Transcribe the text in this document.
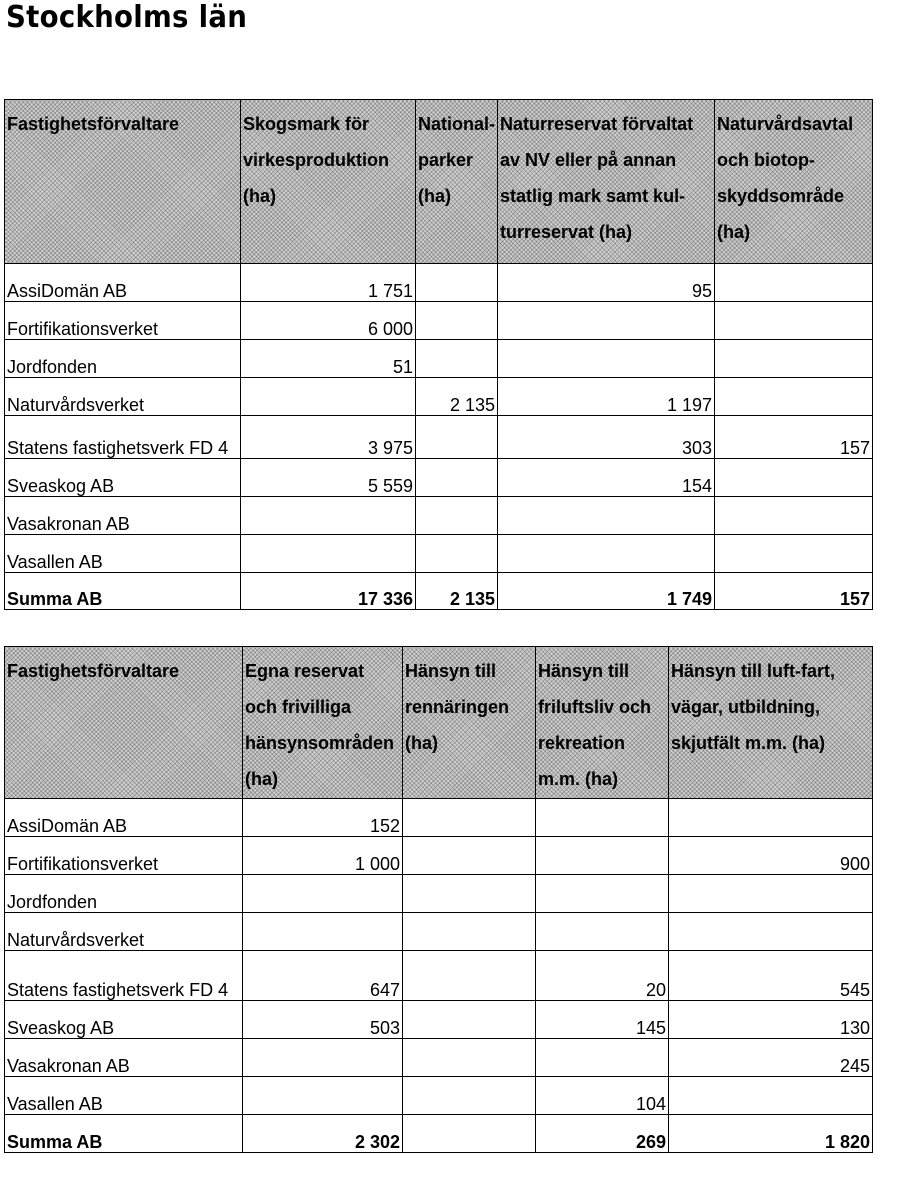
Stockholms län
Fastighetsförvaltare	Skogsmark för virkesproduktion (ha)	National-parker (ha)	Naturreservat förvaltat av NV eller på annan statlig mark samt kul-turreservat (ha)	Naturvårdsavtal och biotop-skyddsområde (ha)
AssiDomän AB	1 751		95	
Fortifikationsverket	6 000			
Jordfonden	51			
Naturvårdsverket		2 135	1 197	
Statens fastighetsverk FD 4	3 975		303	157
Sveaskog AB	5 559		154	
Vasakronan AB				
Vasallen AB				
Summa AB	17 336	2 135	1 749	157
Fastighetsförvaltare	Egna reservat och frivilliga hänsynsområden (ha)	Hänsyn till rennäringen (ha)	Hänsyn till friluftsliv och rekreation m.m. (ha)	Hänsyn till luft-fart, vägar, utbildning, skjutfält m.m. (ha)
AssiDomän AB	152			
Fortifikationsverket	1 000			900
Jordfonden				
Naturvårdsverket				
Statens fastighetsverk FD 4	647		20	545
Sveaskog AB	503		145	130
Vasakronan AB				245
Vasallen AB			104	
Summa AB	2 302		269	1 820
